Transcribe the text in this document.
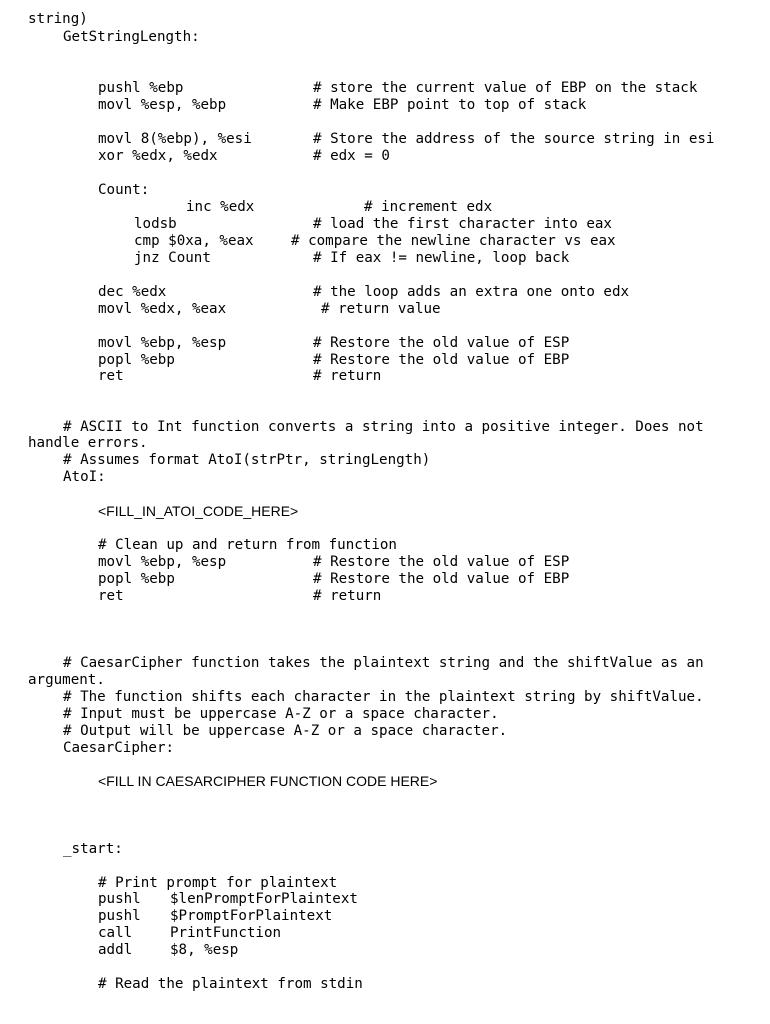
string)
GetStringLength:
pushl %ebp	# store the current value of EBP on the stack
movl %esp, %ebp	# Make EBP point to top of stack
movl 8(%ebp), %esi	# Store the address of the source string in esi
xor %edx, %edx	# edx = 0
Count:
inc %edx	# increment edx
lodsb	# load the first character into eax
cmp $0xa, %eax	# compare the newline character vs eax
jnz Count	# If eax != newline, loop back
dec %edx	# the loop adds an extra one onto edx
movl %edx, %eax	# return value
movl %ebp, %esp	# Restore the old value of ESP
popl %ebp	# Restore the old value of EBP
ret	# return
# ASCII to Int function converts a string into a positive integer. Does not
handle errors.
# Assumes format AtoI(strPtr, stringLength)
AtoI:
<FILL_IN_ATOI_CODE_HERE>
# Clean up and return from function
movl %ebp, %esp	# Restore the old value of ESP
popl %ebp	# Restore the old value of EBP
ret	# return
# CaesarCipher function takes the plaintext string and the shiftValue as an
argument.
# The function shifts each character in the plaintext string by shiftValue.
# Input must be uppercase A-Z or a space character.
# Output will be uppercase A-Z or a space character.
CaesarCipher:
<FILL IN CAESARCIPHER FUNCTION CODE HERE>
_start:
# Print prompt for plaintext
pushl $lenPromptForPlaintext
pushl $PromptForPlaintext
call	PrintFunction
addl	$8, %esp
# Read the plaintext from stdin
